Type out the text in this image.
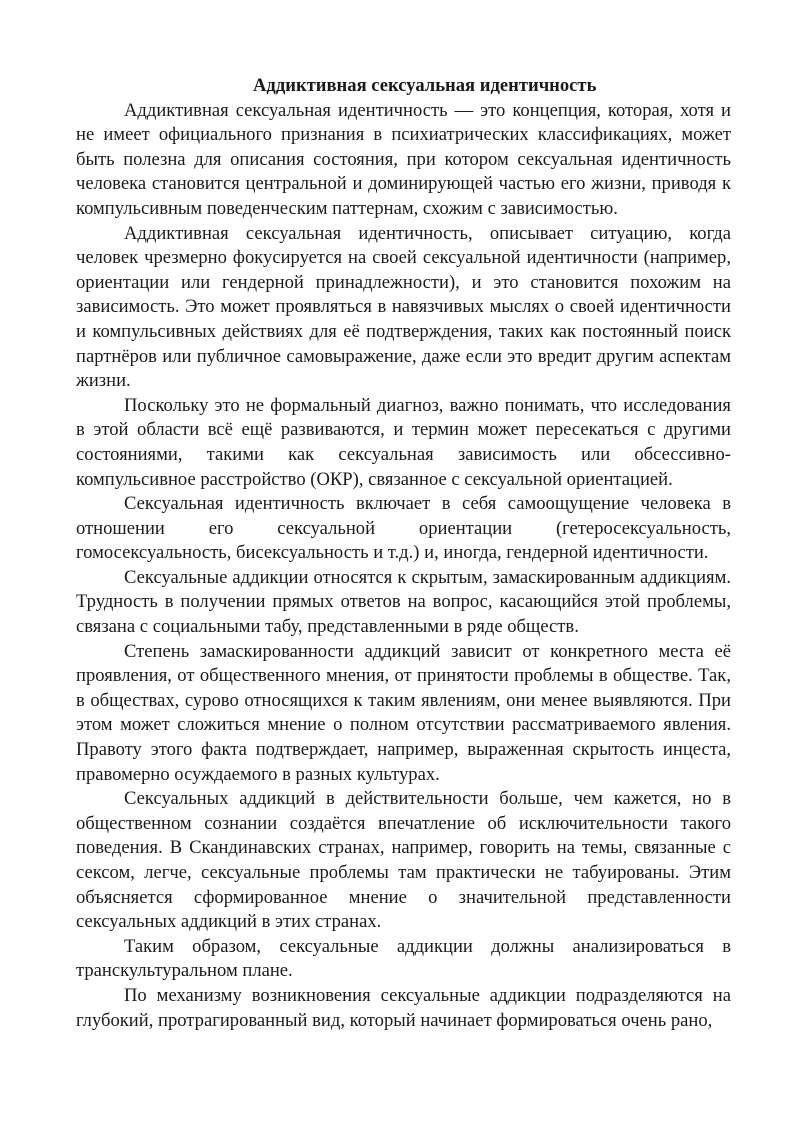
Аддиктивная сексуальная идентичность

Аддиктивная сексуальная идентичность — это концепция, которая, хотя и не имеет официального признания в психиатрических классификациях, может быть полезна для описания состояния, при котором сексуальная идентичность человека становится центральной и доминирующей частью его жизни, приводя к компульсивным поведенческим паттернам, схожим с зависимостью.

Аддиктивная сексуальная идентичность, описывает ситуацию, когда человек чрезмерно фокусируется на своей сексуальной идентичности (например, ориентации или гендерной принадлежности), и это становится похожим на зависимость. Это может проявляться в навязчивых мыслях о своей идентичности и компульсивных действиях для её подтверждения, таких как постоянный поиск партнёров или публичное самовыражение, даже если это вредит другим аспектам жизни.

Поскольку это не формальный диагноз, важно понимать, что исследования в этой области всё ещё развиваются, и термин может пересекаться с другими состояниями, такими как сексуальная зависимость или обсессивно-компульсивное расстройство (ОКР), связанное с сексуальной ориентацией.

Сексуальная идентичность включает в себя самоощущение человека в отношении его сексуальной ориентации (гетеросексуальность, гомосексуальность, бисексуальность и т.д.) и, иногда, гендерной идентичности.

Сексуальные аддикции относятся к скрытым, замаскированным аддикциям. Трудность в получении прямых ответов на вопрос, касающийся этой проблемы, связана с социальными табу, представленными в ряде обществ.

Степень замаскированности аддикций зависит от конкретного места её проявления, от общественного мнения, от принятости проблемы в обществе. Так, в обществах, сурово относящихся к таким явлениям, они менее выявляются. При этом может сложиться мнение о полном отсутствии рассматриваемого явления. Правоту этого факта подтверждает, например, выраженная скрытость инцеста, правомерно осуждаемого в разных культурах.

Сексуальных аддикций в действительности больше, чем кажется, но в общественном сознании создаётся впечатление об исключительности такого поведения. В Скандинавских странах, например, говорить на темы, связанные с сексом, легче, сексуальные проблемы там практически не табуированы. Этим объясняется сформированное мнение о значительной представленности сексуальных аддикций в этих странах.

Таким образом, сексуальные аддикции должны анализироваться в транскультуральном плане.

По механизму возникновения сексуальные аддикции подразделяются на глубокий, протрагированный вид, который начинает формироваться очень рано,
